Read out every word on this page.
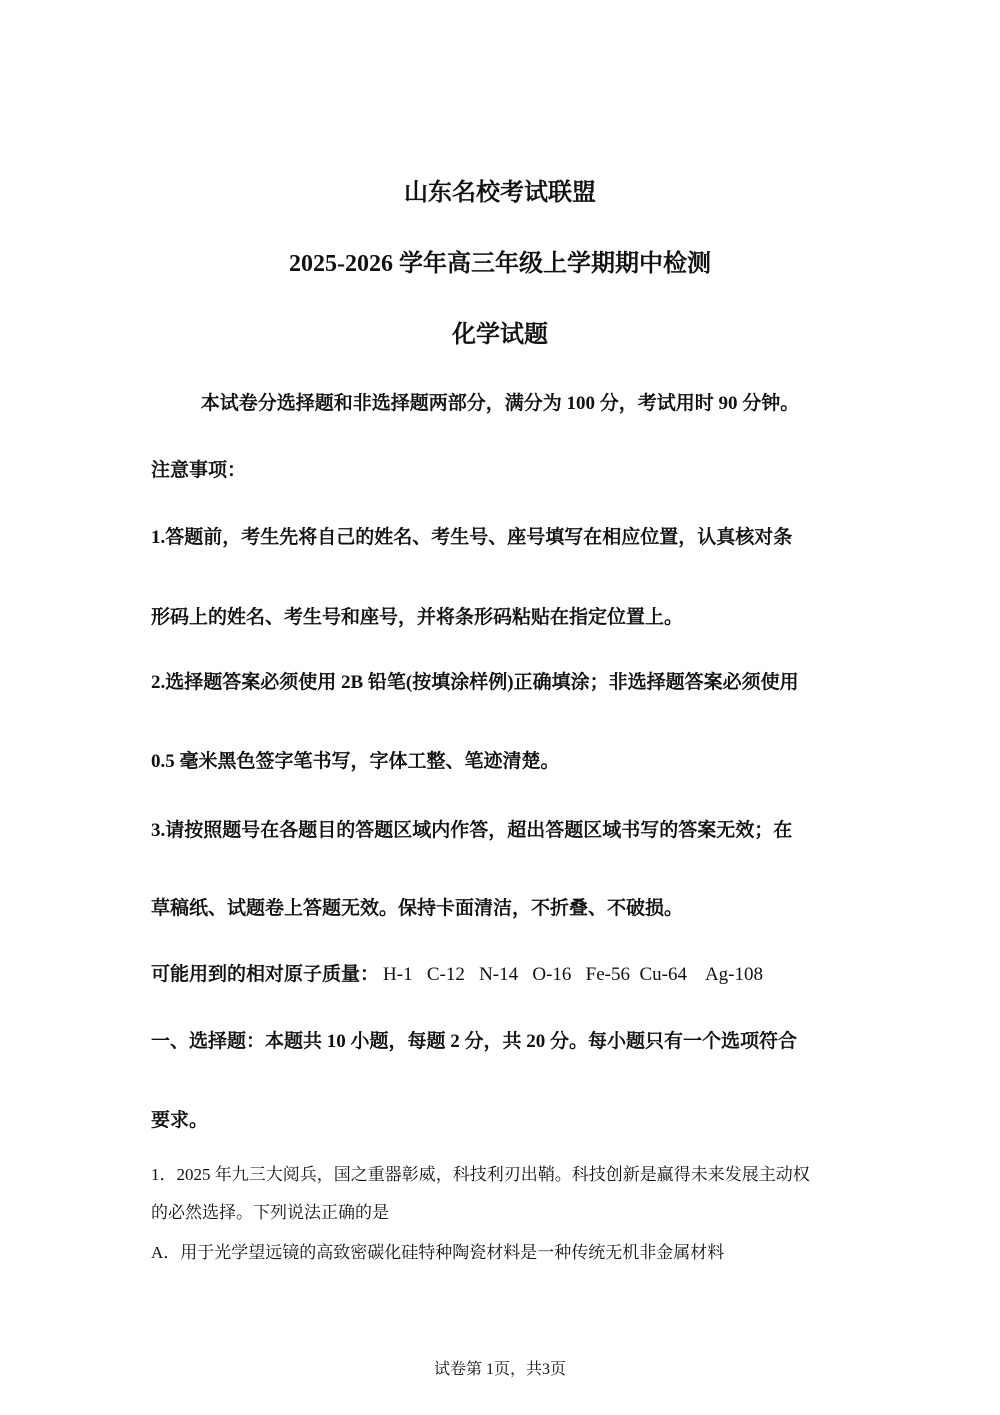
山东名校考试联盟
2025-2026 学年高三年级上学期期中检测
化学试题
本试卷分选择题和非选择题两部分，满分为 100 分，考试用时 90 分钟。
注意事项：
1.答题前，考生先将自己的姓名、考生号、座号填写在相应位置，认真核对条
形码上的姓名、考生号和座号，并将条形码粘贴在指定位置上。
2.选择题答案必须使用 2B 铅笔(按填涂样例)正确填涂；非选择题答案必须使用
0.5 毫米黑色签字笔书写，字体工整、笔迹清楚。
3.请按照题号在各题目的答题区域内作答，超出答题区域书写的答案无效；在
草稿纸、试题卷上答题无效。保持卡面清洁，不折叠、不破损。
可能用到的相对原子质量： H-1   C-12   N-14   O-16   Fe-56  Cu-64    Ag-108
一、选择题：本题共 10 小题，每题 2 分，共 20 分。每小题只有一个选项符合
要求。
1．2025 年九三大阅兵，国之重器彰威，科技利刃出鞘。科技创新是赢得未来发展主动权
的必然选择。下列说法正确的是
A．用于光学望远镜的高致密碳化硅特种陶瓷材料是一种传统无机非金属材料
试卷第 1页，共3页
